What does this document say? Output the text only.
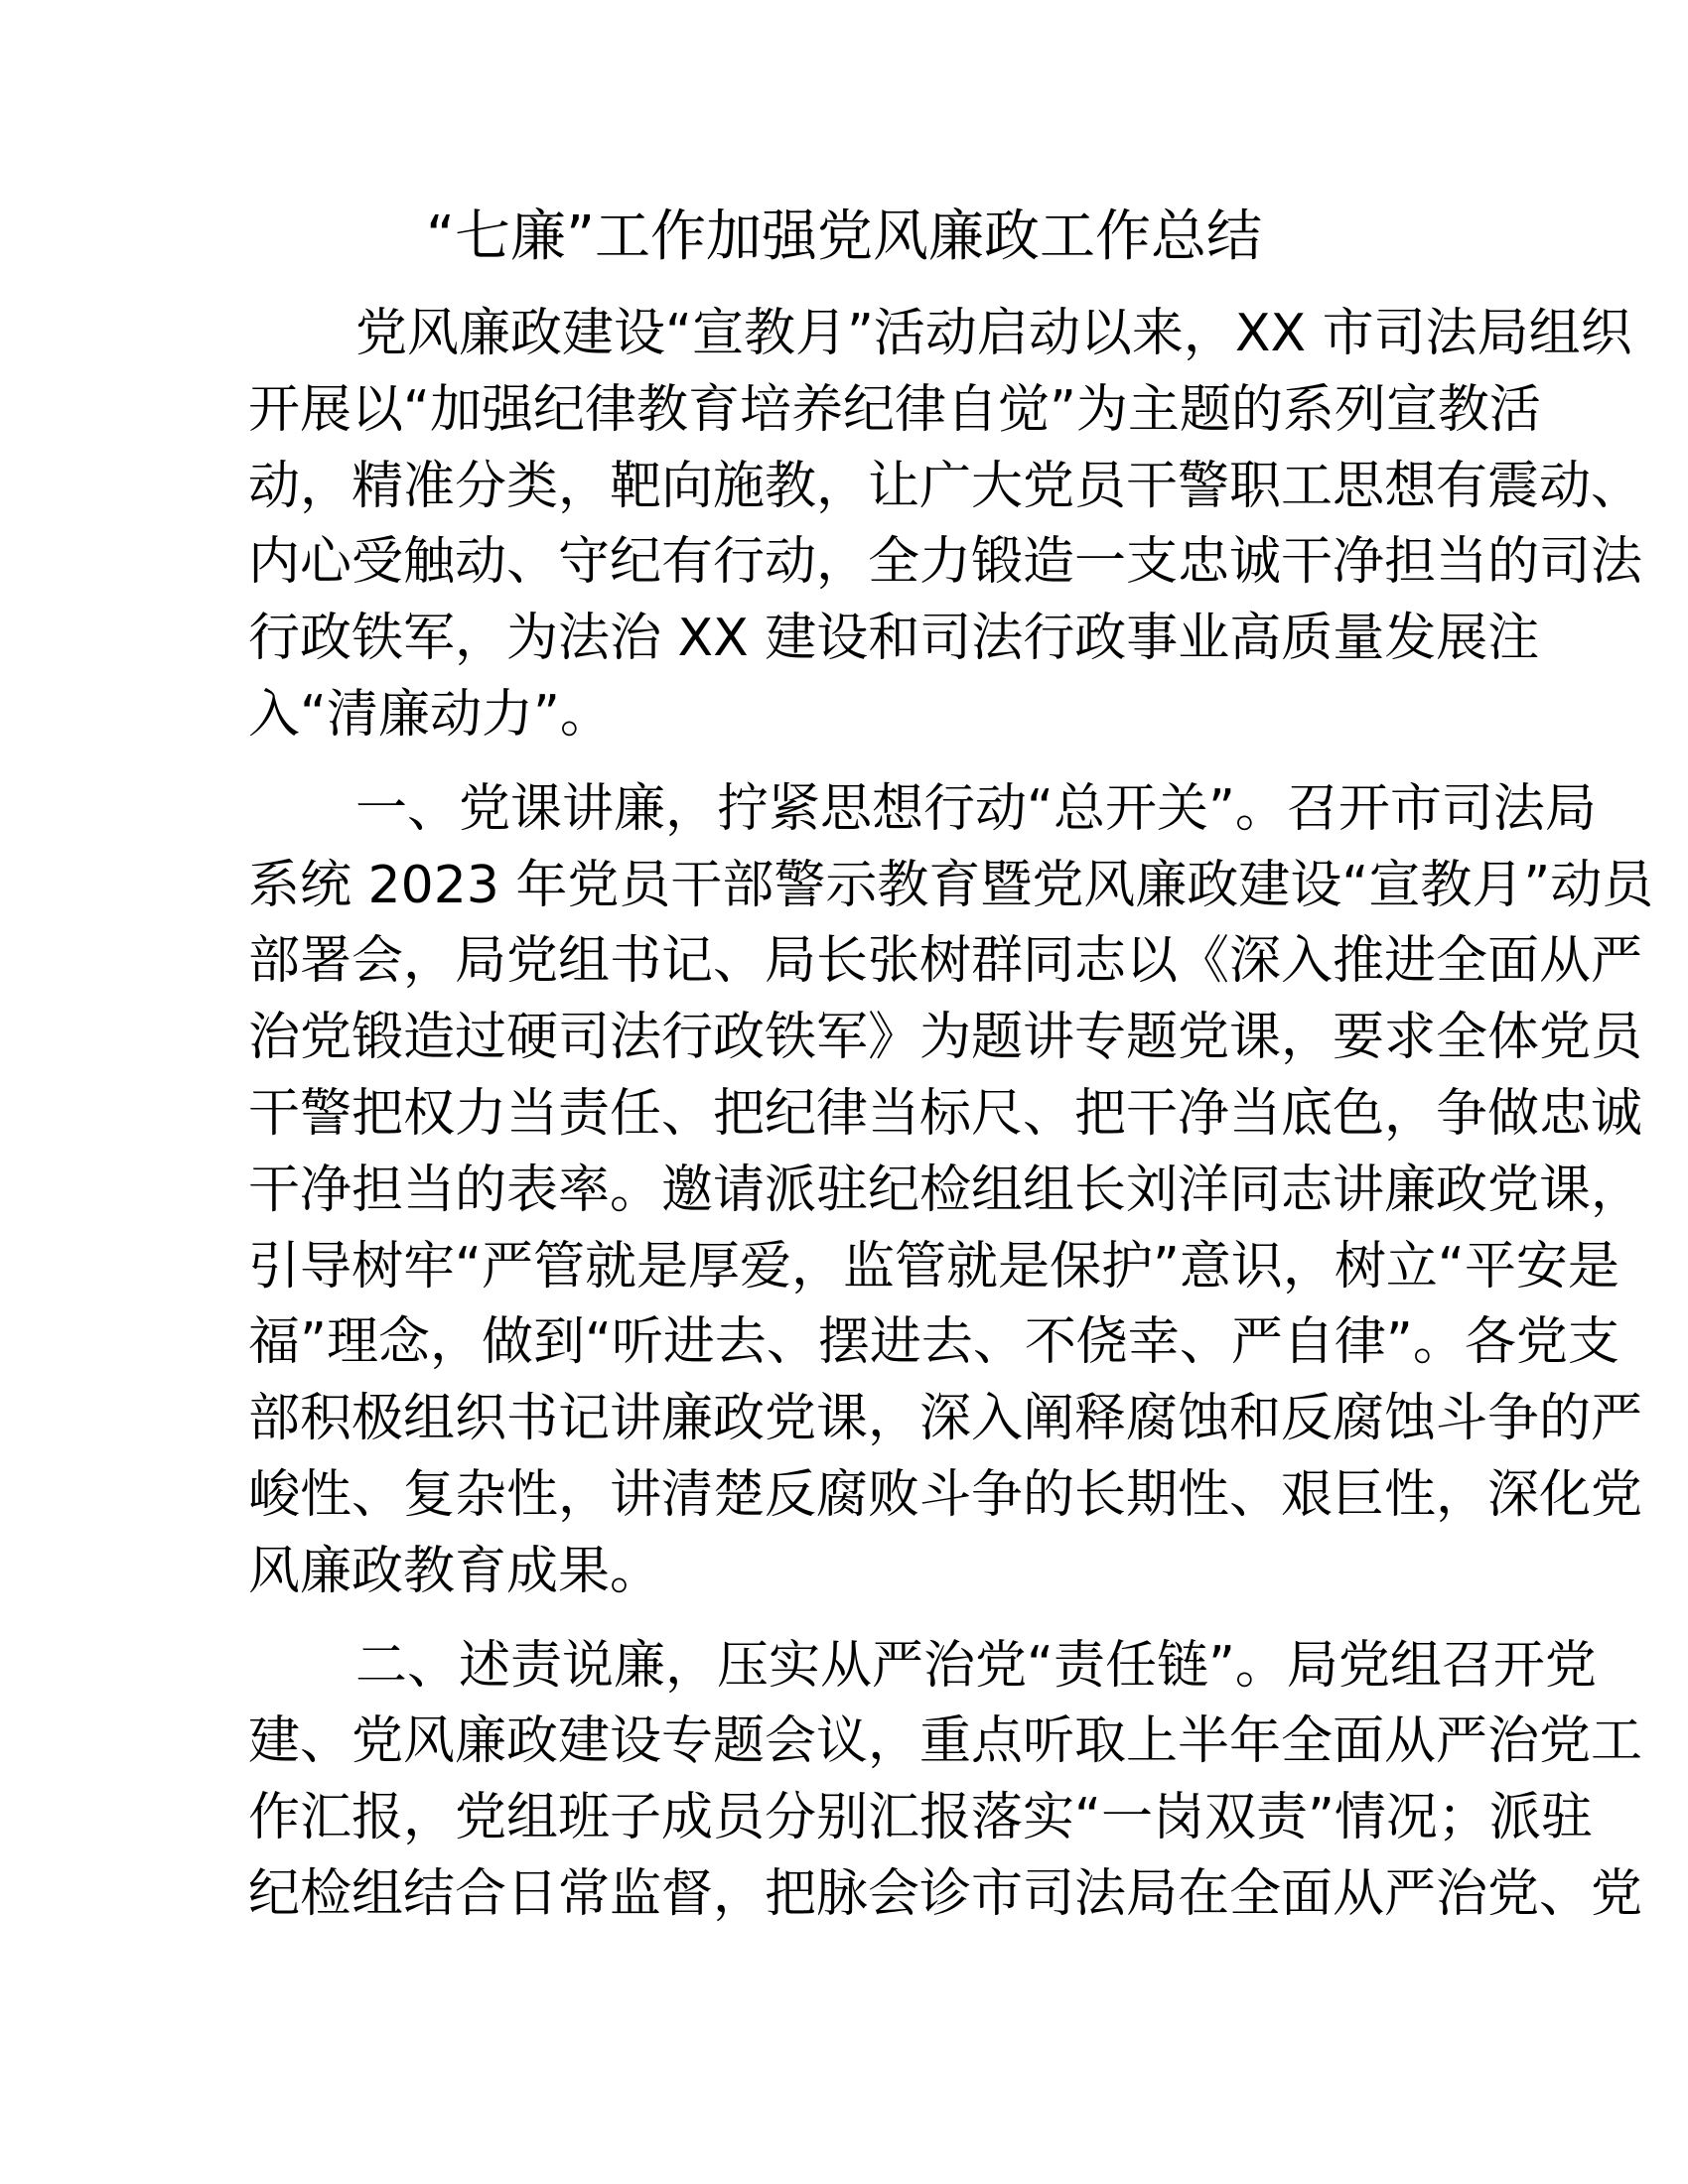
“七廉”工作加强党风廉政工作总结
党风廉政建设“宣教月”活动启动以来，XX 市司法局组织
开展以“加强纪律教育培养纪律自觉”为主题的系列宣教活
动，精准分类，靶向施教，让广大党员干警职工思想有震动、
内心受触动、守纪有行动，全力锻造一支忠诚干净担当的司法
行政铁军，为法治 XX 建设和司法行政事业高质量发展注
入“清廉动力”。
一、党课讲廉，拧紧思想行动“总开关”。召开市司法局
系统 2023 年党员干部警示教育暨党风廉政建设“宣教月”动员
部署会，局党组书记、局长张树群同志以《深入推进全面从严
治党锻造过硬司法行政铁军》为题讲专题党课，要求全体党员
干警把权力当责任、把纪律当标尺、把干净当底色，争做忠诚
干净担当的表率。邀请派驻纪检组组长刘洋同志讲廉政党课，
引导树牢“严管就是厚爱，监管就是保护”意识，树立“平安是
福”理念，做到“听进去、摆进去、不侥幸、严自律”。各党支
部积极组织书记讲廉政党课，深入阐释腐蚀和反腐蚀斗争的严
峻性、复杂性，讲清楚反腐败斗争的长期性、艰巨性，深化党
风廉政教育成果。
二、述责说廉，压实从严治党“责任链”。局党组召开党
建、党风廉政建设专题会议，重点听取上半年全面从严治党工
作汇报，党组班子成员分别汇报落实“一岗双责”情况；派驻
纪检组结合日常监督，把脉会诊市司法局在全面从严治党、党
